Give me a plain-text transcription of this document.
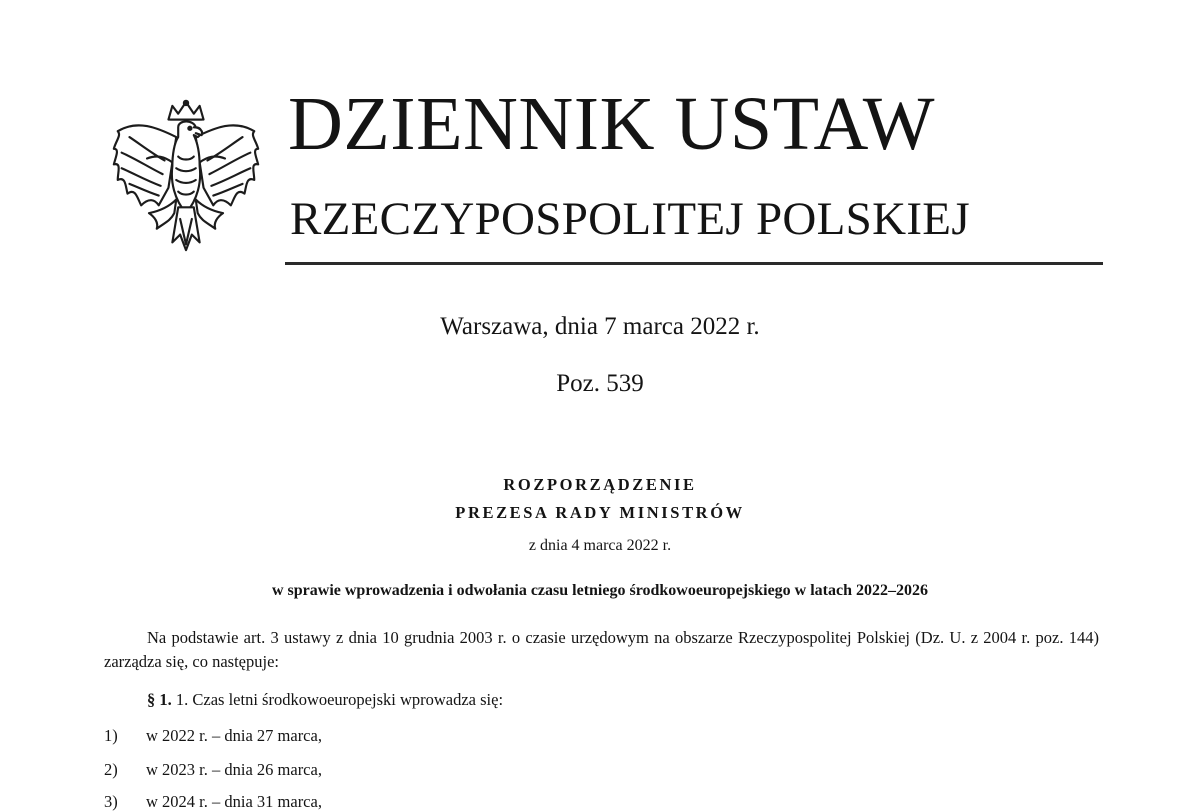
DZIENNIK USTAW
RZECZYPOSPOLITEJ POLSKIEJ
Warszawa, dnia 7 marca 2022 r.
Poz. 539
ROZPORZĄDZENIE
PREZESA RADY MINISTRÓW
z dnia 4 marca 2022 r.
w sprawie wprowadzenia i odwołania czasu letniego środkowoeuropejskiego w latach 2022–2026
Na podstawie art. 3 ustawy z dnia 10 grudnia 2003 r. o czasie urzędowym na obszarze Rzeczypospolitej Polskiej (Dz. U. z 2004 r. poz. 144) zarządza się, co następuje:
§ 1. 1. Czas letni środkowoeuropejski wprowadza się:
1) w 2022 r. – dnia 27 marca,
2) w 2023 r. – dnia 26 marca,
3) w 2024 r. – dnia 31 marca,
